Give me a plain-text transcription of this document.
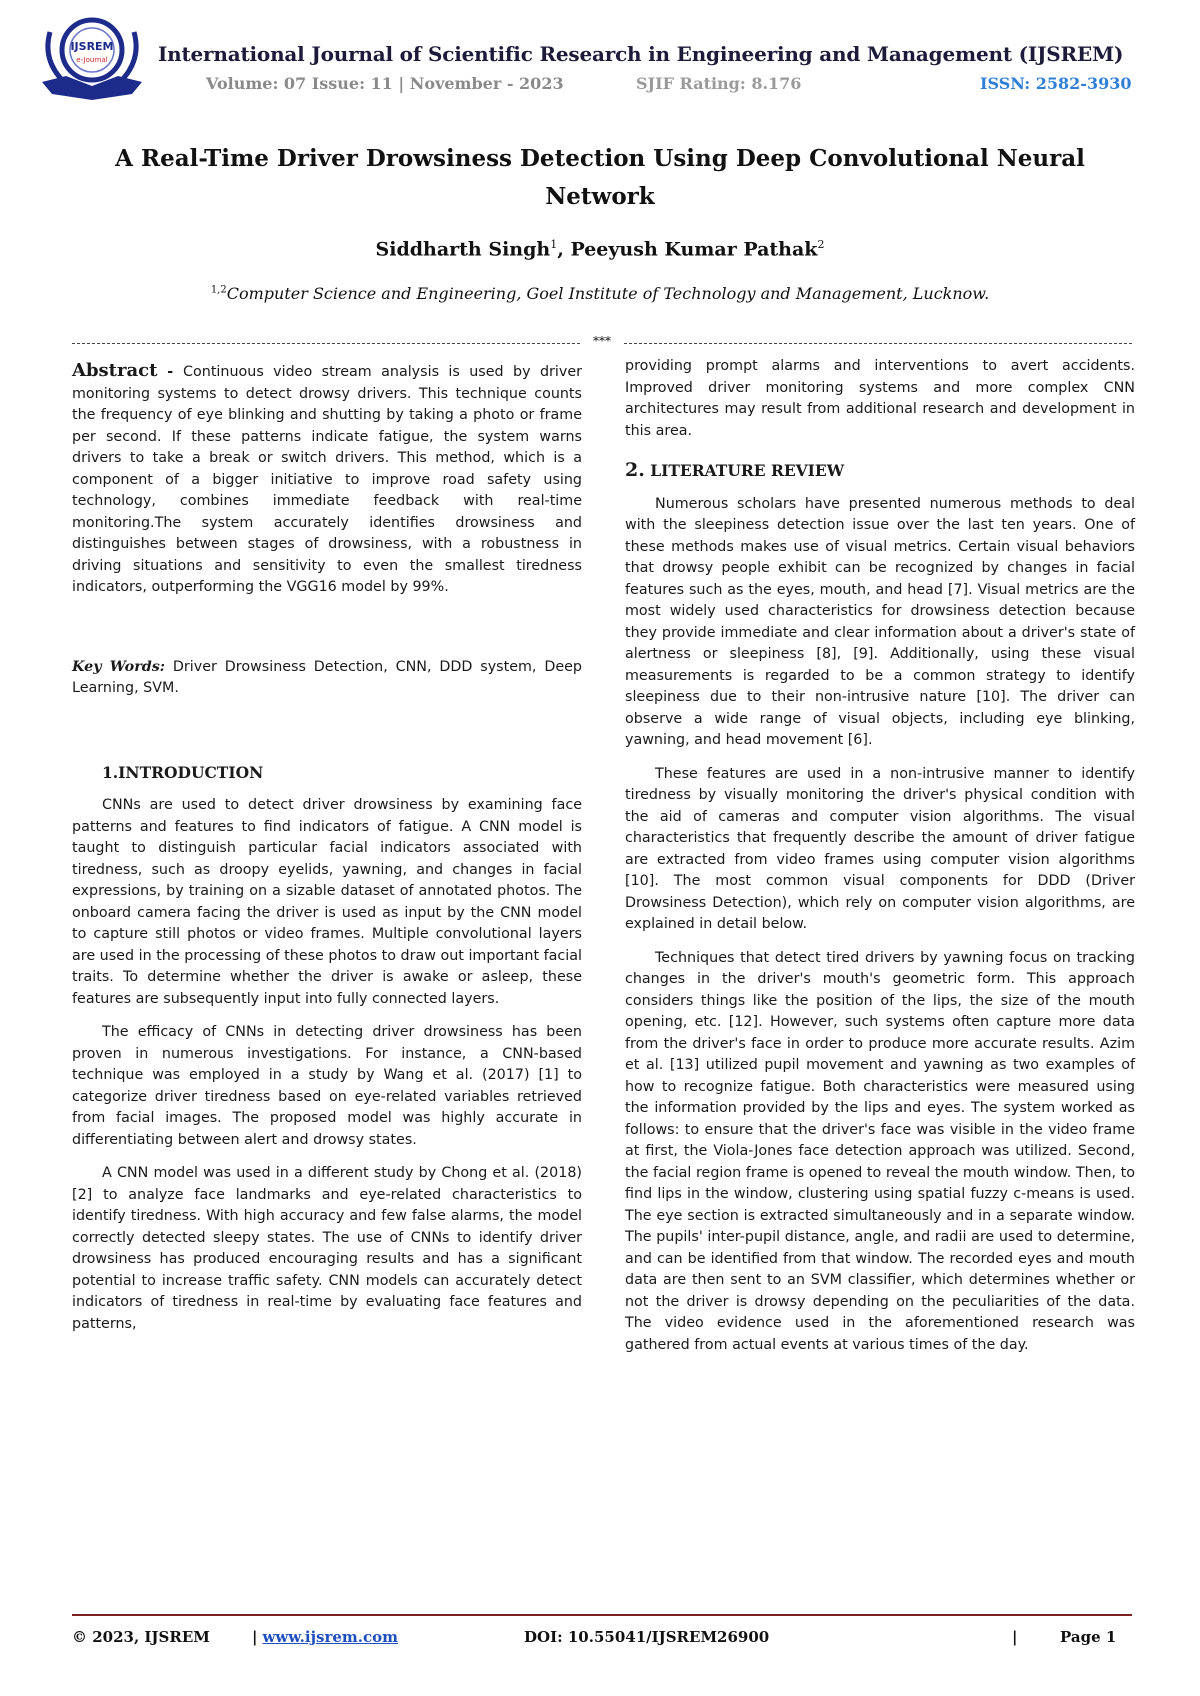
IJSREM
e-Journal	International Journal of Scientific Research in Engineering and Management (IJSREM)
Volume: 07 Issue: 11 | November - 2023	SJIF Rating: 8.176	ISSN: 2582-3930
A Real-Time Driver Drowsiness Detection Using Deep Convolutional Neural Network
Siddharth Singh$^1$, Peeyush Kumar Pathak$^2$
$^{1,2}$Computer Science and Engineering, Goel Institute of Technology and Management, Lucknow.
***

Abstract - Continuous video stream analysis is used by driver monitoring systems to detect drowsy drivers. This technique counts the frequency of eye blinking and shutting by taking a photo or frame per second. If these patterns indicate fatigue, the system warns drivers to take a break or switch drivers. This method, which is a component of a bigger initiative to improve road safety using technology, combines immediate feedback with real-time monitoring.The system accurately identifies drowsiness and distinguishes between stages of drowsiness, with a robustness in driving situations and sensitivity to even the smallest tiredness indicators, outperforming the VGG16 model by 99%.

Key Words: Driver Drowsiness Detection, CNN, DDD system, Deep Learning, SVM.

1.INTRODUCTION

CNNs are used to detect driver drowsiness by examining face patterns and features to find indicators of fatigue. A CNN model is taught to distinguish particular facial indicators associated with tiredness, such as droopy eyelids, yawning, and changes in facial expressions, by training on a sizable dataset of annotated photos. The onboard camera facing the driver is used as input by the CNN model to capture still photos or video frames. Multiple convolutional layers are used in the processing of these photos to draw out important facial traits. To determine whether the driver is awake or asleep, these features are subsequently input into fully connected layers.

The efficacy of CNNs in detecting driver drowsiness has been proven in numerous investigations. For instance, a CNN-based technique was employed in a study by Wang et al. (2017) [1] to categorize driver tiredness based on eye-related variables retrieved from facial images. The proposed model was highly accurate in differentiating between alert and drowsy states.

A CNN model was used in a different study by Chong et al. (2018) [2] to analyze face landmarks and eye-related characteristics to identify tiredness. With high accuracy and few false alarms, the model correctly detected sleepy states. The use of CNNs to identify driver drowsiness has produced encouraging results and has a significant potential to increase traffic safety. CNN models can accurately detect indicators of tiredness in real-time by evaluating face features and patterns,

providing prompt alarms and interventions to avert accidents. Improved driver monitoring systems and more complex CNN architectures may result from additional research and development in this area.

2. LITERATURE REVIEW

Numerous scholars have presented numerous methods to deal with the sleepiness detection issue over the last ten years. One of these methods makes use of visual metrics. Certain visual behaviors that drowsy people exhibit can be recognized by changes in facial features such as the eyes, mouth, and head [7]. Visual metrics are the most widely used characteristics for drowsiness detection because they provide immediate and clear information about a driver's state of alertness or sleepiness [8], [9]. Additionally, using these visual measurements is regarded to be a common strategy to identify sleepiness due to their non-intrusive nature [10]. The driver can observe a wide range of visual objects, including eye blinking, yawning, and head movement [6].

These features are used in a non-intrusive manner to identify tiredness by visually monitoring the driver's physical condition with the aid of cameras and computer vision algorithms. The visual characteristics that frequently describe the amount of driver fatigue are extracted from video frames using computer vision algorithms [10]. The most common visual components for DDD (Driver Drowsiness Detection), which rely on computer vision algorithms, are explained in detail below.

Techniques that detect tired drivers by yawning focus on tracking changes in the driver's mouth's geometric form. This approach considers things like the position of the lips, the size of the mouth opening, etc. [12]. However, such systems often capture more data from the driver's face in order to produce more accurate results. Azim et al. [13] utilized pupil movement and yawning as two examples of how to recognize fatigue. Both characteristics were measured using the information provided by the lips and eyes. The system worked as follows: to ensure that the driver's face was visible in the video frame at first, the Viola-Jones face detection approach was utilized. Second, the facial region frame is opened to reveal the mouth window. Then, to find lips in the window, clustering using spatial fuzzy c-means is used. The eye section is extracted simultaneously and in a separate window. The pupils' inter-pupil distance, angle, and radii are used to determine, and can be identified from that window. The recorded eyes and mouth data are then sent to an SVM classifier, which determines whether or not the driver is drowsy depending on the peculiarities of the data. The video evidence used in the aforementioned research was gathered from actual events at various times of the day.

© 2023, IJSREM	| www.ijsrem.com	DOI: 10.55041/IJSREM26900	|	Page 1
